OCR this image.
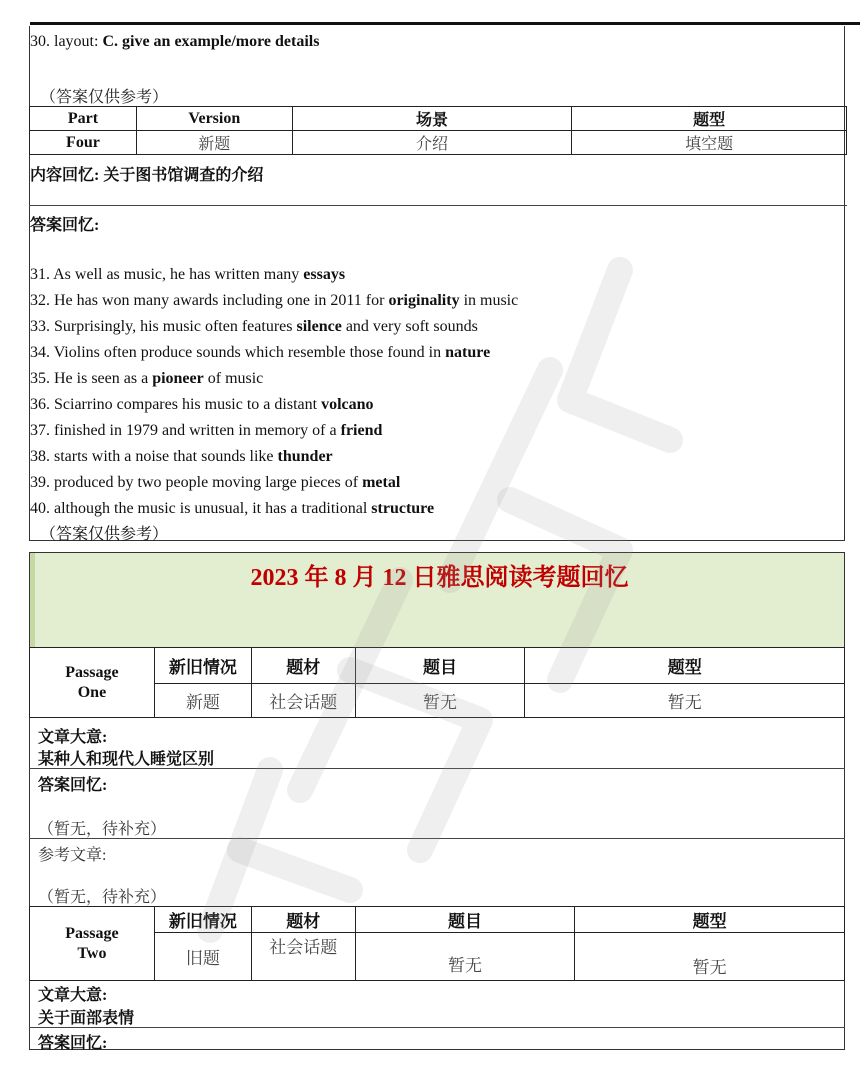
30. layout: C. give an example/more details
（答案仅供参考）
Part	Version	场景	题型
Four	新题	介绍	填空题
内容回忆: 关于图书馆调查的介绍
答案回忆:
31. As well as music, he has written many essays
32. He has won many awards including one in 2011 for originality in music
33. Surprisingly, his music often features silence and very soft sounds
34. Violins often produce sounds which resemble those found in nature
35. He is seen as a pioneer of music
36. Sciarrino compares his music to a distant volcano
37. finished in 1979 and written in memory of a friend
38. starts with a noise that sounds like thunder
39. produced by two people moving large pieces of metal
40. although the music is unusual, it has a traditional structure
（答案仅供参考）
2023 年 8 月 12 日雅思阅读考题回忆
Passage
One	新旧情况	题材	题目	题型
	新题	社会话题	暂无	暂无
文章大意:
某种人和现代人睡觉区别
答案回忆:
（暂无，待补充）
参考文章:
（暂无，待补充）
Passage
Two	新旧情况	题材	题目	题型
	旧题	社会话题	暂无	暂无
文章大意:
关于面部表情
答案回忆:
